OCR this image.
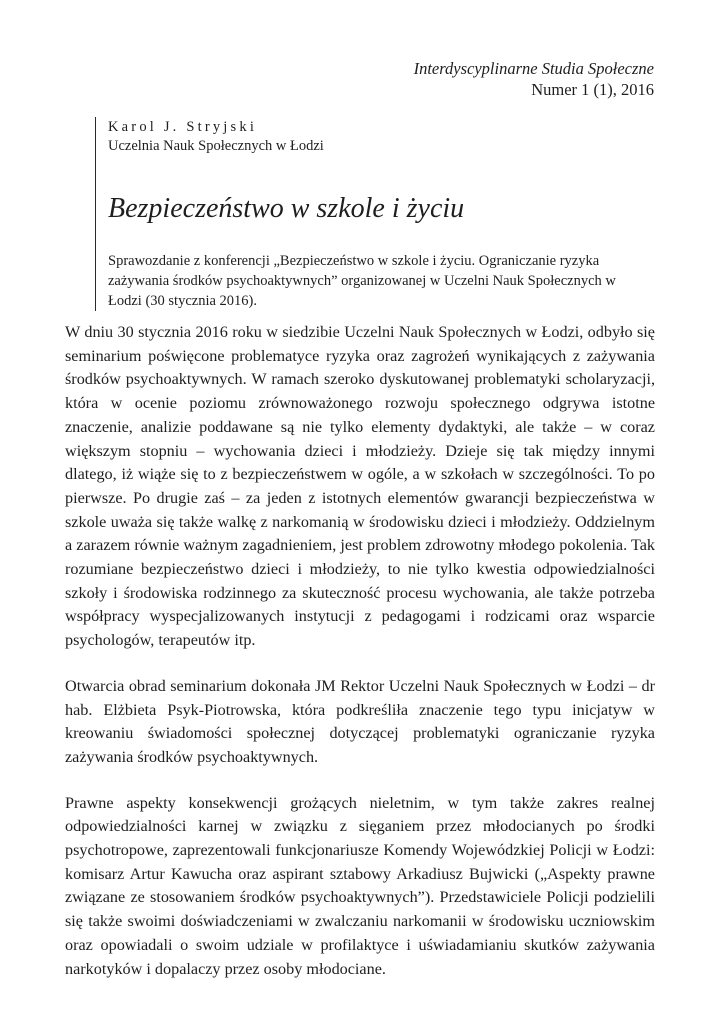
Interdyscyplinarne Studia Społeczne
Numer 1 (1), 2016
Karol J. Stryjski
Uczelnia Nauk Społecznych w Łodzi
Bezpieczeństwo w szkole i życiu
Sprawozdanie z konferencji „Bezpieczeństwo w szkole i życiu. Ograniczanie ryzyka zażywania środków psychoaktywnych” organizowanej w Uczelni Nauk Społecznych w Łodzi (30 stycznia 2016).

W dniu 30 stycznia 2016 roku w siedzibie Uczelni Nauk Społecznych w Łodzi, odbyło się seminarium poświęcone problematyce ryzyka oraz zagrożeń wynikających z zażywania środków psychoaktywnych. W ramach szeroko dyskutowanej problematyki scholaryzacji, która w ocenie poziomu zrównoważonego rozwoju społecznego odgrywa istotne znaczenie, analizie poddawane są nie tylko elementy dydaktyki, ale także – w coraz większym stopniu – wychowania dzieci i młodzieży. Dzieje się tak między innymi dlatego, iż wiąże się to z bezpieczeństwem w ogóle, a w szkołach w szczególności. To po pierwsze. Po drugie zaś – za jeden z istotnych elementów gwarancji bezpieczeństwa w szkole uważa się także walkę z narkomanią w środowisku dzieci i młodzieży. Oddzielnym a zarazem równie ważnym zagadnieniem, jest problem zdrowotny młodego pokolenia. Tak rozumiane bezpieczeństwo dzieci i młodzieży, to nie tylko kwestia odpowiedzialności szkoły i środowiska rodzinnego za skuteczność procesu wychowania, ale także potrzeba współpracy wyspecjalizowanych instytucji z pedagogami i rodzicami oraz wsparcie psychologów, terapeutów itp.

Otwarcia obrad seminarium dokonała JM Rektor Uczelni Nauk Społecznych w Łodzi – dr hab. Elżbieta Psyk-Piotrowska, która podkreśliła znaczenie tego typu inicjatyw w kreowaniu świadomości społecznej dotyczącej problematyki ograniczanie ryzyka zażywania środków psychoaktywnych.

Prawne aspekty konsekwencji grożących nieletnim, w tym także zakres realnej odpowiedzialności karnej w związku z sięganiem przez młodocianych po środki psychotropowe, zaprezentowali funkcjonariusze Komendy Wojewódzkiej Policji w Łodzi: komisarz Artur Kawucha oraz aspirant sztabowy Arkadiusz Bujwicki („Aspekty prawne związane ze stosowaniem środków psychoaktywnych”). Przedstawiciele Policji podzielili się także swoimi doświadczeniami w zwalczaniu narkomanii w środowisku uczniowskim oraz opowiadali o swoim udziale w profilaktyce i uświadamianiu skutków zażywania narkotyków i dopalaczy przez osoby młodociane.
